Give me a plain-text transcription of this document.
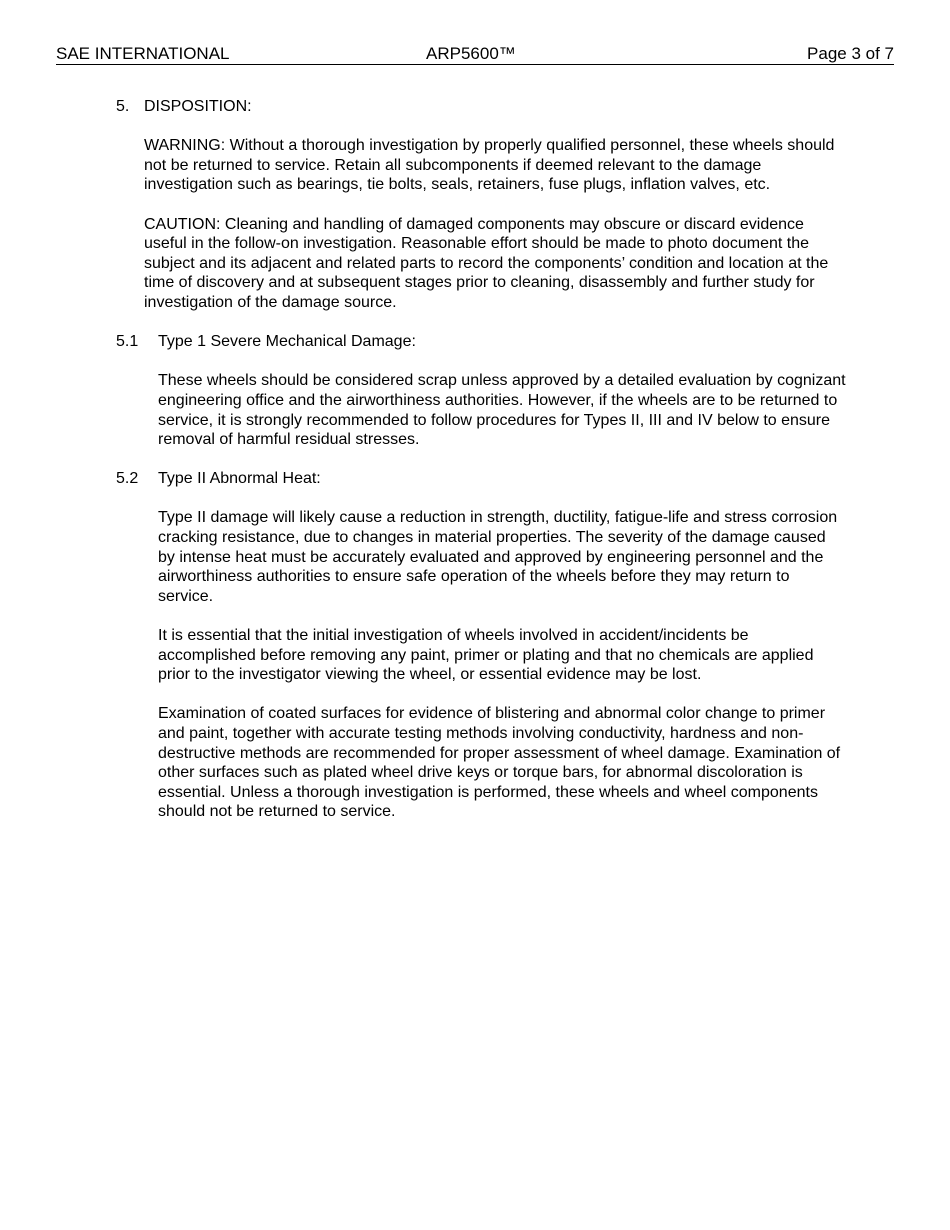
SAE INTERNATIONAL	ARP5600™	Page 3 of 7
5. DISPOSITION:

WARNING: Without a thorough investigation by properly qualified personnel, these wheels should not be returned to service. Retain all subcomponents if deemed relevant to the damage investigation such as bearings, tie bolts, seals, retainers, fuse plugs, inflation valves, etc.

CAUTION: Cleaning and handling of damaged components may obscure or discard evidence useful in the follow-on investigation. Reasonable effort should be made to photo document the subject and its adjacent and related parts to record the components’ condition and location at the time of discovery and at subsequent stages prior to cleaning, disassembly and further study for investigation of the damage source.

5.1	Type 1 Severe Mechanical Damage:

These wheels should be considered scrap unless approved by a detailed evaluation by cognizant engineering office and the airworthiness authorities. However, if the wheels are to be returned to service, it is strongly recommended to follow procedures for Types II, III and IV below to ensure removal of harmful residual stresses.

5.2	Type II Abnormal Heat:

Type II damage will likely cause a reduction in strength, ductility, fatigue-life and stress corrosion cracking resistance, due to changes in material properties. The severity of the damage caused by intense heat must be accurately evaluated and approved by engineering personnel and the airworthiness authorities to ensure safe operation of the wheels before they may return to service.

It is essential that the initial investigation of wheels involved in accident/incidents be accomplished before removing any paint, primer or plating and that no chemicals are applied prior to the investigator viewing the wheel, or essential evidence may be lost.

Examination of coated surfaces for evidence of blistering and abnormal color change to primer and paint, together with accurate testing methods involving conductivity, hardness and non-destructive methods are recommended for proper assessment of wheel damage. Examination of other surfaces such as plated wheel drive keys or torque bars, for abnormal discoloration is essential. Unless a thorough investigation is performed, these wheels and wheel components should not be returned to service.
